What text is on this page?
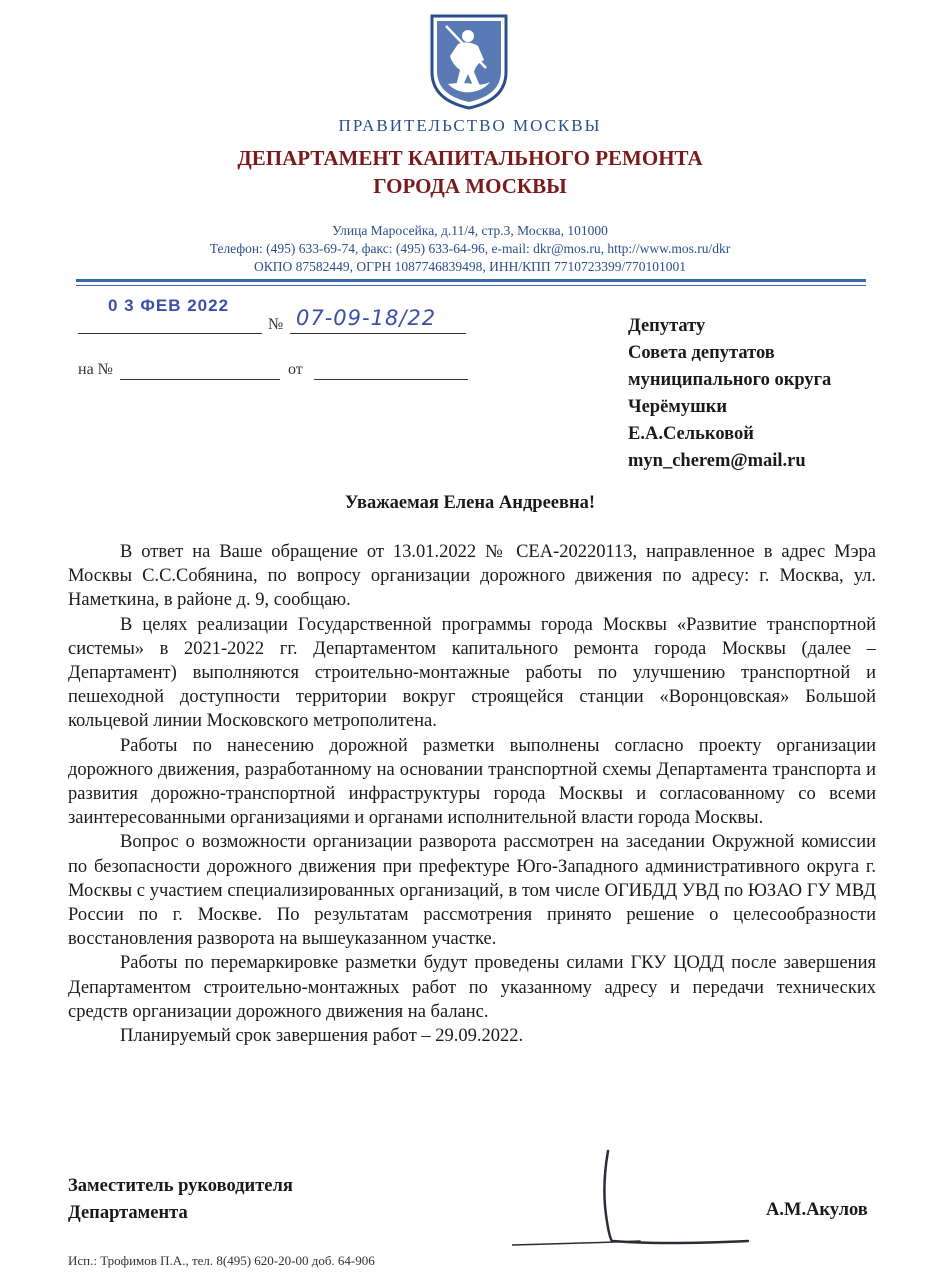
ПРАВИТЕЛЬСТВО МОСКВЫ
ДЕПАРТАМЕНТ КАПИТАЛЬНОГО РЕМОНТА
ГОРОДА МОСКВЫ
Улица Маросейка, д.11/4, стр.3, Москва, 101000
Телефон: (495) 633-69-74, факс: (495) 633-64-96, e-mail: dkr@mos.ru, http://www.mos.ru/dkr
ОКПО 87582449, ОГРН 1087746839498, ИНН/КПП 7710723399/770101001
0 3 ФЕВ 2022
№ 07-09-18/22
на №	от
Депутату
Совета депутатов
муниципального округа
Черёмушки
Е.А.Сельковой
myn_cherem@mail.ru
Уважаемая Елена Андреевна!

В ответ на Ваше обращение от 13.01.2022 № СЕА-20220113, направленное в адрес Мэра Москвы С.С.Собянина, по вопросу организации дорожного движения по адресу: г. Москва, ул. Наметкина, в районе д. 9, сообщаю.

В целях реализации Государственной программы города Москвы «Развитие транспортной системы» в 2021-2022 гг. Департаментом капитального ремонта города Москвы (далее – Департамент) выполняются строительно-монтажные работы по улучшению транспортной и пешеходной доступности территории вокруг строящейся станции «Воронцовская» Большой кольцевой линии Московского метрополитена.

Работы по нанесению дорожной разметки выполнены согласно проекту организации дорожного движения, разработанному на основании транспортной схемы Департамента транспорта и развития дорожно-транспортной инфраструктуры города Москвы и согласованному со всеми заинтересованными организациями и органами исполнительной власти города Москвы.

Вопрос о возможности организации разворота рассмотрен на заседании Окружной комиссии по безопасности дорожного движения при префектуре Юго-Западного административного округа г. Москвы с участием специализированных организаций, в том числе ОГИБДД УВД по ЮЗАО ГУ МВД России по г. Москве. По результатам рассмотрения принято решение о целесообразности восстановления разворота на вышеуказанном участке.

Работы по перемаркировке разметки будут проведены силами ГКУ ЦОДД после завершения Департаментом строительно-монтажных работ по указанному адресу и передачи технических средств организации дорожного движения на баланс.

Планируемый срок завершения работ – 29.09.2022.

Заместитель руководителя
Департамента	А.М.Акулов
Исп.: Трофимов П.А., тел. 8(495) 620-20-00 доб. 64-906
